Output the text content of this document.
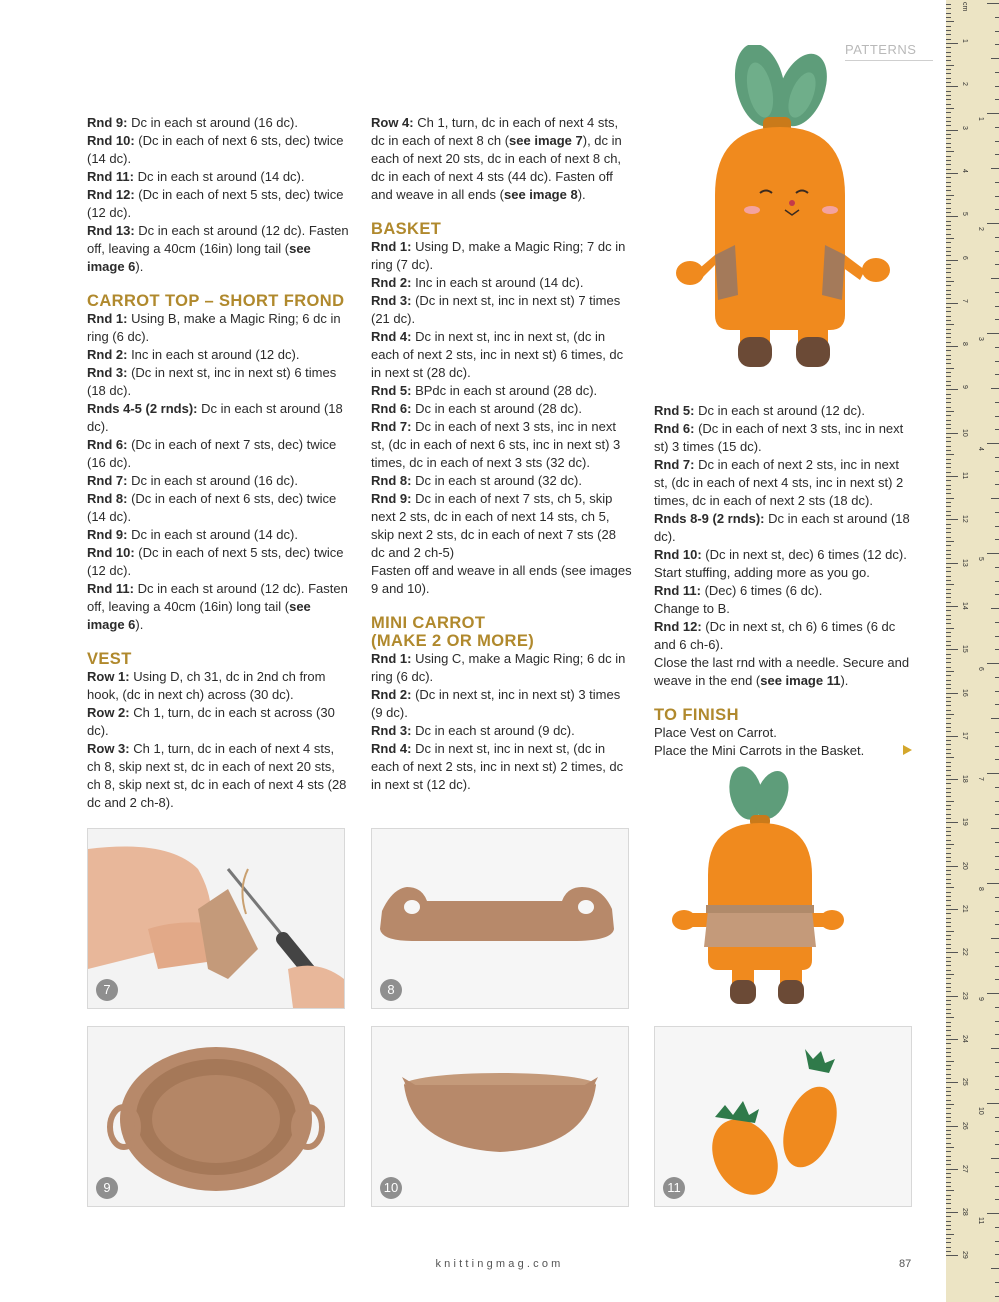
PATTERNS

Rnd 9: Dc in each st around (16 dc).

Rnd 10: (Dc in each of next 6 sts, dec) twice (14 dc).

Rnd 11: Dc in each st around (14 dc).

Rnd 12: (Dc in each of next 5 sts, dec) twice (12 dc).

Rnd 13: Dc in each st around (12 dc). Fasten off, leaving a 40cm (16in) long tail (see image 6).

CARROT TOP – SHORT FROND

Rnd 1: Using B, make a Magic Ring; 6 dc in ring (6 dc).

Rnd 2: Inc in each st around (12 dc).

Rnd 3: (Dc in next st, inc in next st) 6 times (18 dc).

Rnds 4-5 (2 rnds): Dc in each st around (18 dc).

Rnd 6: (Dc in each of next 7 sts, dec) twice (16 dc).

Rnd 7: Dc in each st around (16 dc).

Rnd 8: (Dc in each of next 6 sts, dec) twice (14 dc).

Rnd 9: Dc in each st around (14 dc).

Rnd 10: (Dc in each of next 5 sts, dec) twice (12 dc).

Rnd 11: Dc in each st around (12 dc). Fasten off, leaving a 40cm (16in) long tail (see image 6).

VEST

Row 1: Using D, ch 31, dc in 2nd ch from hook, (dc in next ch) across (30 dc).

Row 2: Ch 1, turn, dc in each st across (30 dc).

Row 3: Ch 1, turn, dc in each of next 4 sts, ch 8, skip next st, dc in each of next 20 sts, ch 8, skip next st, dc in each of next 4 sts (28 dc and 2 ch-8).

Row 4: Ch 1, turn, dc in each of next 4 sts, dc in each of next 8 ch (see image 7), dc in each of next 20 sts, dc in each of next 8 ch, dc in each of next 4 sts (44 dc). Fasten off and weave in all ends (see image 8).

BASKET

Rnd 1: Using D, make a Magic Ring; 7 dc in ring (7 dc).

Rnd 2: Inc in each st around (14 dc).

Rnd 3: (Dc in next st, inc in next st) 7 times (21 dc).

Rnd 4: Dc in next st, inc in next st, (dc in each of next 2 sts, inc in next st) 6 times, dc in next st (28 dc).

Rnd 5: BPdc in each st around (28 dc).

Rnd 6: Dc in each st around (28 dc).

Rnd 7: Dc in each of next 3 sts, inc in next st, (dc in each of next 6 sts, inc in next st) 3 times, dc in each of next 3 sts (32 dc).

Rnd 8: Dc in each st around (32 dc).

Rnd 9: Dc in each of next 7 sts, ch 5, skip next 2 sts, dc in each of next 14 sts, ch 5, skip next 2 sts, dc in each of next 7 sts (28 dc and 2 ch-5)

Fasten off and weave in all ends (see images 9 and 10).

MINI CARROT
(MAKE 2 OR MORE)

Rnd 1: Using C, make a Magic Ring; 6 dc in ring (6 dc).

Rnd 2: (Dc in next st, inc in next st) 3 times (9 dc).

Rnd 3: Dc in each st around (9 dc).

Rnd 4: Dc in next st, inc in next st, (dc in each of next 2 sts, inc in next st) 2 times, dc in next st (12 dc).

Rnd 5: Dc in each st around (12 dc).

Rnd 6: (Dc in each of next 3 sts, inc in next st) 3 times (15 dc).

Rnd 7: Dc in each of next 2 sts, inc in next st, (dc in each of next 4 sts, inc in next st) 2 times, dc in each of next 2 sts (18 dc).

Rnds 8-9 (2 rnds): Dc in each st around (18 dc).

Rnd 10: (Dc in next st, dec) 6 times (12 dc).

Start stuffing, adding more as you go.

Rnd 11: (Dec) 6 times (6 dc).

Change to B.

Rnd 12: (Dc in next st, ch 6) 6 times (6 dc and 6 ch-6).

Close the last rnd with a needle. Secure and weave in the end (see image 11).

TO FINISH

Place Vest on Carrot.

Place the Mini Carrots in the Basket.

7	8
9	10	11
knittingmag.com	87
cm
1
2
3
4
5
6
7
8
9
10
11
12
13
14
15
16
17
18
19
20
21
22
23
24
25
26
27
28
29
1
2
3
4
5
6
7
8
9
10
11
